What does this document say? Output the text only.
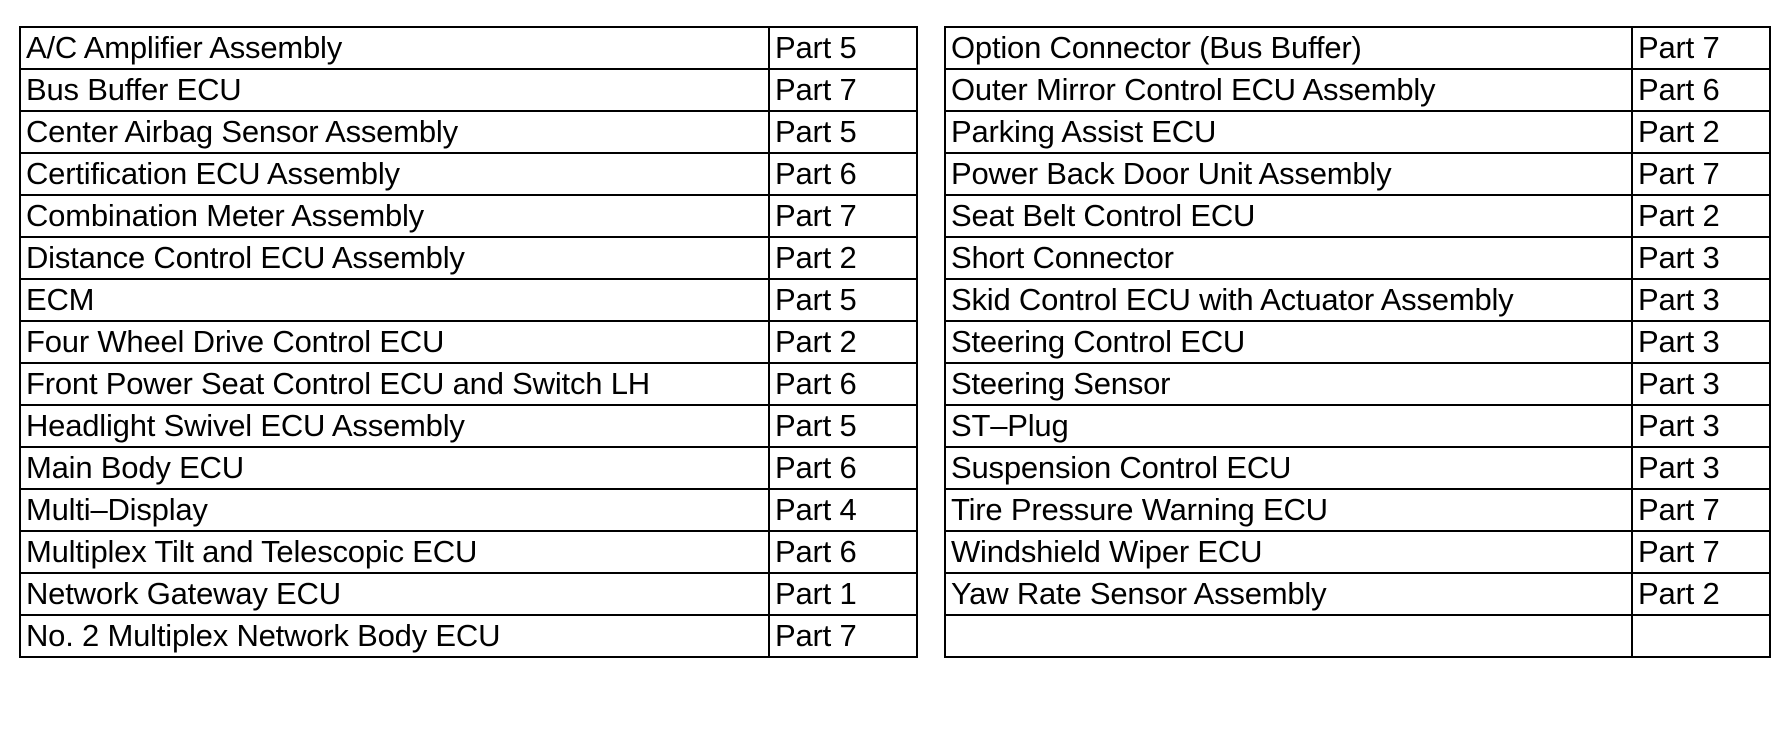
A/C Amplifier Assembly	Part 5
Bus Buffer ECU	Part 7
Center Airbag Sensor Assembly	Part 5
Certification ECU Assembly	Part 6
Combination Meter Assembly	Part 7
Distance Control ECU Assembly	Part 2
ECM	Part 5
Four Wheel Drive Control ECU	Part 2
Front Power Seat Control ECU and Switch LH	Part 6
Headlight Swivel ECU Assembly	Part 5
Main Body ECU	Part 6
Multi–Display	Part 4
Multiplex Tilt and Telescopic ECU	Part 6
Network Gateway ECU	Part 1
No. 2 Multiplex Network Body ECU	Part 7
Option Connector (Bus Buffer)	Part 7
Outer Mirror Control ECU Assembly	Part 6
Parking Assist ECU	Part 2
Power Back Door Unit Assembly	Part 7
Seat Belt Control ECU	Part 2
Short Connector	Part 3
Skid Control ECU with Actuator Assembly	Part 3
Steering Control ECU	Part 3
Steering Sensor	Part 3
ST–Plug	Part 3
Suspension Control ECU	Part 3
Tire Pressure Warning ECU	Part 7
Windshield Wiper ECU	Part 7
Yaw Rate Sensor Assembly	Part 2
